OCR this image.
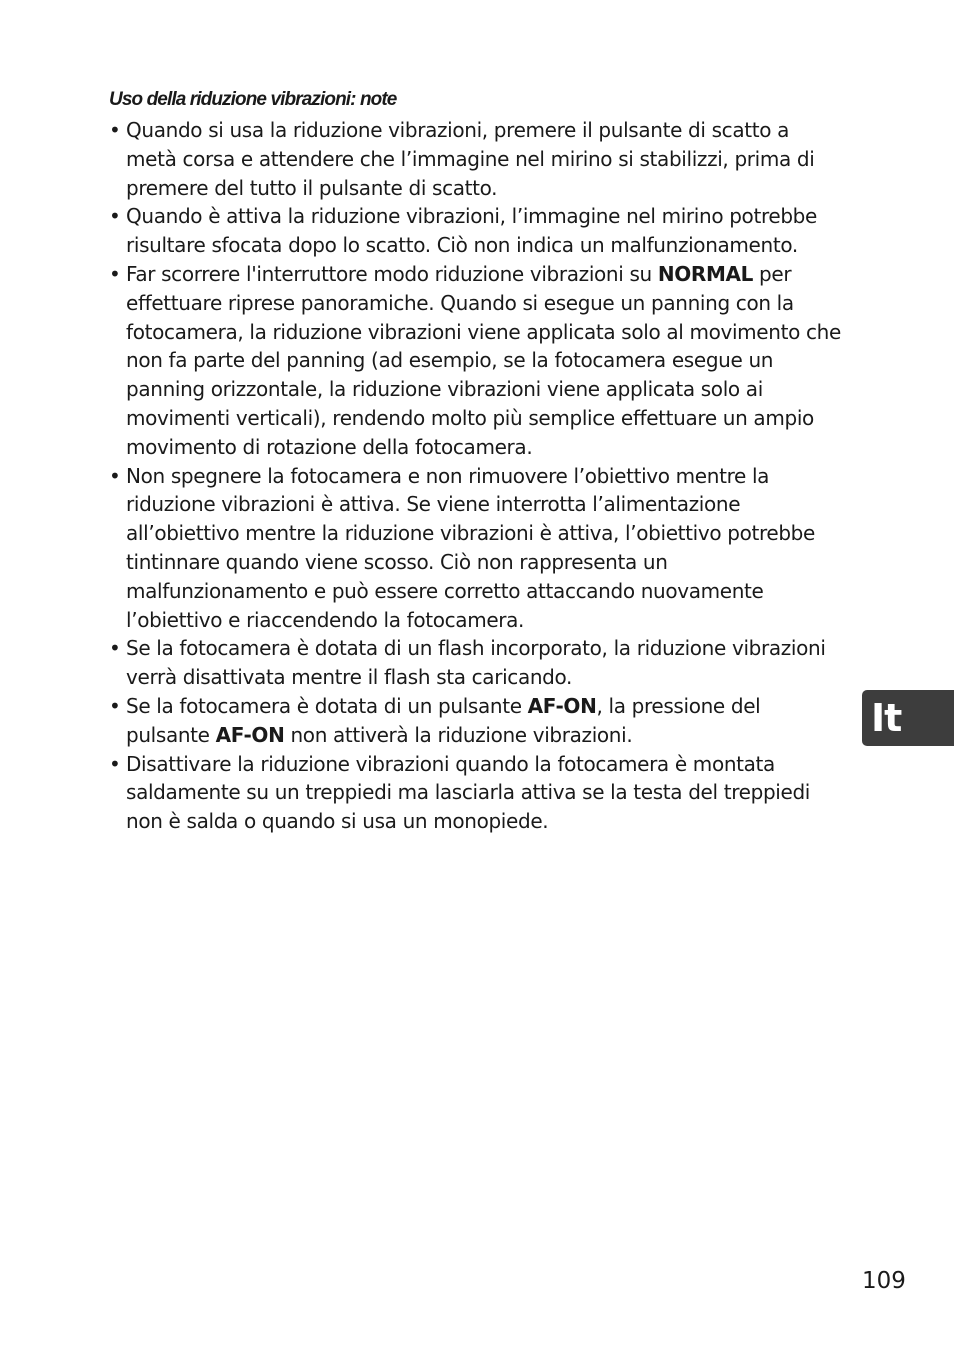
Uso della riduzione vibrazioni: note
• Quando si usa la riduzione vibrazioni, premere il pulsante di scatto a metà corsa e attendere che l’immagine nel mirino si stabilizzi, prima di premere del tutto il pulsante di scatto.
• Quando è attiva la riduzione vibrazioni, l’immagine nel mirino potrebbe risultare sfocata dopo lo scatto. Ciò non indica un malfunzionamento.
• Far scorrere l'interruttore modo riduzione vibrazioni su NORMAL per effettuare riprese panoramiche. Quando si esegue un panning con la fotocamera, la riduzione vibrazioni viene applicata solo al movimento che non fa parte del panning (ad esempio, se la fotocamera esegue un panning orizzontale, la riduzione vibrazioni viene applicata solo ai movimenti verticali), rendendo molto più semplice effettuare un ampio movimento di rotazione della fotocamera.
• Non spegnere la fotocamera e non rimuovere l’obiettivo mentre la riduzione vibrazioni è attiva. Se viene interrotta l’alimentazione all’obiettivo mentre la riduzione vibrazioni è attiva, l’obiettivo potrebbe tintinnare quando viene scosso. Ciò non rappresenta un malfunzionamento e può essere corretto attaccando nuovamente l’obiettivo e riaccendendo la fotocamera.
• Se la fotocamera è dotata di un flash incorporato, la riduzione vibrazioni verrà disattivata mentre il flash sta caricando.
• Se la fotocamera è dotata di un pulsante AF-ON, la pressione del pulsante AF-ON non attiverà la riduzione vibrazioni.
• Disattivare la riduzione vibrazioni quando la fotocamera è montata saldamente su un treppiedi ma lasciarla attiva se la testa del treppiedi non è salda o quando si usa un monopiede.
It
109
